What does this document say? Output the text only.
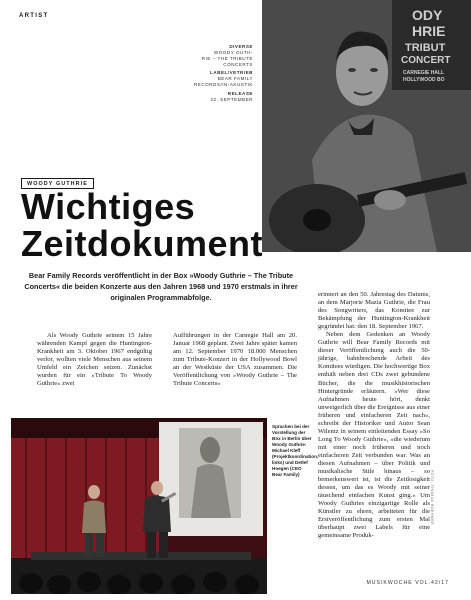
ARTIST
DIVERSE
WOODY GUTH-
RIE – THE TRIBUTE
CONCERTS
LABEL/VETRIEB
BEAR FAMILY
RECORDS/IN-AKUSTIK
RELEASE
22. SEPTEMBER
ODY
HRIE
TRIBUT
CONCERT
CARNEGIE HALL
HOLLYWOOD BO
WOODY GUTHRIE
Wichtiges
Zeitdokument

Bear Family Records veröffentlicht in der Box »Woody Guthrie – The Tribute Concerts« die beiden Konzerte aus den Jahren 1968 und 1970 erstmals in ihrer originalen Programmabfolge.

Als Woody Guthrie seinem 15 Jahre währenden Kampf gegen die Huntington-Krankheit am 3. Oktober 1967 endgültig verlor, wollten viele Menschen aus seinem Umfeld ein Zeichen setzen. Zunächst wurden für ein »Tribute To Woody Guthrie« zwei

Aufführungen in der Carnegie Hall am 20. Januar 1968 geplant. Zwei Jahre später kamen am 12. September 1970 18.000 Menschen zum Tribute-Konzert in der Hollywood Bowl an der Westküste der USA zusammen. Die Veröffentlichung von »Woody Guthrie – The Tribute Concerts«

erinnert an den 50. Jahrestag des Datums, an dem Marjorie Mazia Guthrie, die Frau des Songwriters, das Komitee zur Bekämpfung der Huntington-Krankheit gegründet hat: den 18. September 1967.

Neben dem Gedenken an Woody Guthrie will Bear Family Records mit dieser Veröffentlichung auch die 50-jährige, bahnbrechende Arbeit des Komitees würdigen. Die hochwertige Box enthält neben drei CDs zwei gebundene Bücher, die die musikhistorischen Hintergründe erläutern. »Wer diese Aufnahmen heute hört, denkt unweigerlich über die Ereignisse aus einer früheren und einfacheren Zeit nach«, schreibt der Historiker und Autor Sean Wilentz in seinem einleitenden Essay »So Long To Woody Guthrie«, »die wiederum mit einer noch früheren und noch einfacheren Zeit verbunden war. Was an diesen Aufnahmen – über Politik und musikalische Stile hinaus – so bemerkenswert ist, ist die Zeitlosigkeit dessen, um das es Woody mit seiner täuschend einfachen Kunst ging.« Um Woody Guthries einzigartige Rolle als Künstler zu ehren, arbeiteten für die Erstveröffentlichung zum ersten Mal überhaupt zwei Labels für eine gemeinsame Produk-

Sprachen bei der Vorstellung der Box in Berlin über Woody Guthrie: Michael Kleff (Projektkoordination, links) und Detlef Hoegen (CEO Bear Family)	FOTO: THOMAS BOEHMER
MUSIKWOCHE VOL.42/17
